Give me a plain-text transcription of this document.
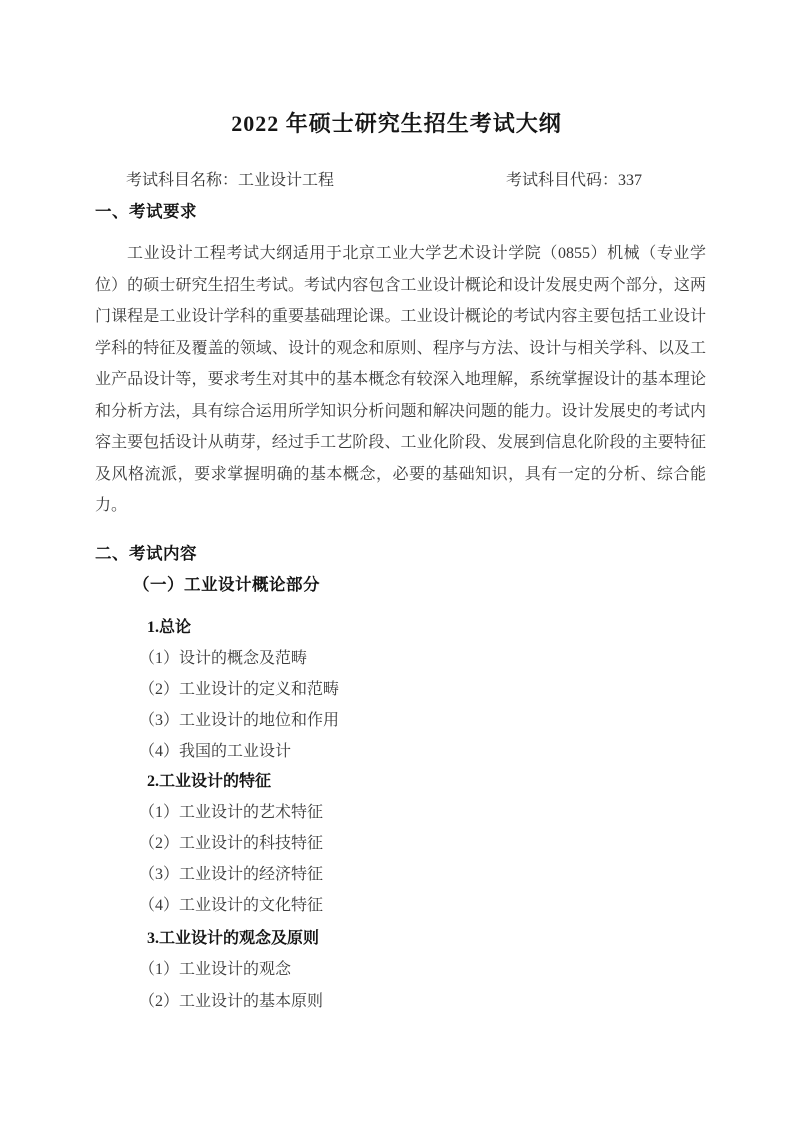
2022 年硕士研究生招生考试大纲
考试科目名称：工业设计工程	考试科目代码：337
一、考试要求
工业设计工程考试大纲适用于北京工业大学艺术设计学院（0855）机械（专业学位）的硕士研究生招生考试。考试内容包含工业设计概论和设计发展史两个部分，这两门课程是工业设计学科的重要基础理论课。工业设计概论的考试内容主要包括工业设计学科的特征及覆盖的领域、设计的观念和原则、程序与方法、设计与相关学科、以及工业产品设计等，要求考生对其中的基本概念有较深入地理解，系统掌握设计的基本理论和分析方法，具有综合运用所学知识分析问题和解决问题的能力。设计发展史的考试内容主要包括设计从萌芽，经过手工艺阶段、工业化阶段、发展到信息化阶段的主要特征及风格流派，要求掌握明确的基本概念，必要的基础知识，具有一定的分析、综合能力。
二、考试内容
（一）工业设计概论部分
1.总论
（1）设计的概念及范畴
（2）工业设计的定义和范畴
（3）工业设计的地位和作用
（4）我国的工业设计
2.工业设计的特征
（1）工业设计的艺术特征
（2）工业设计的科技特征
（3）工业设计的经济特征
（4）工业设计的文化特征
3.工业设计的观念及原则
（1）工业设计的观念
（2）工业设计的基本原则
